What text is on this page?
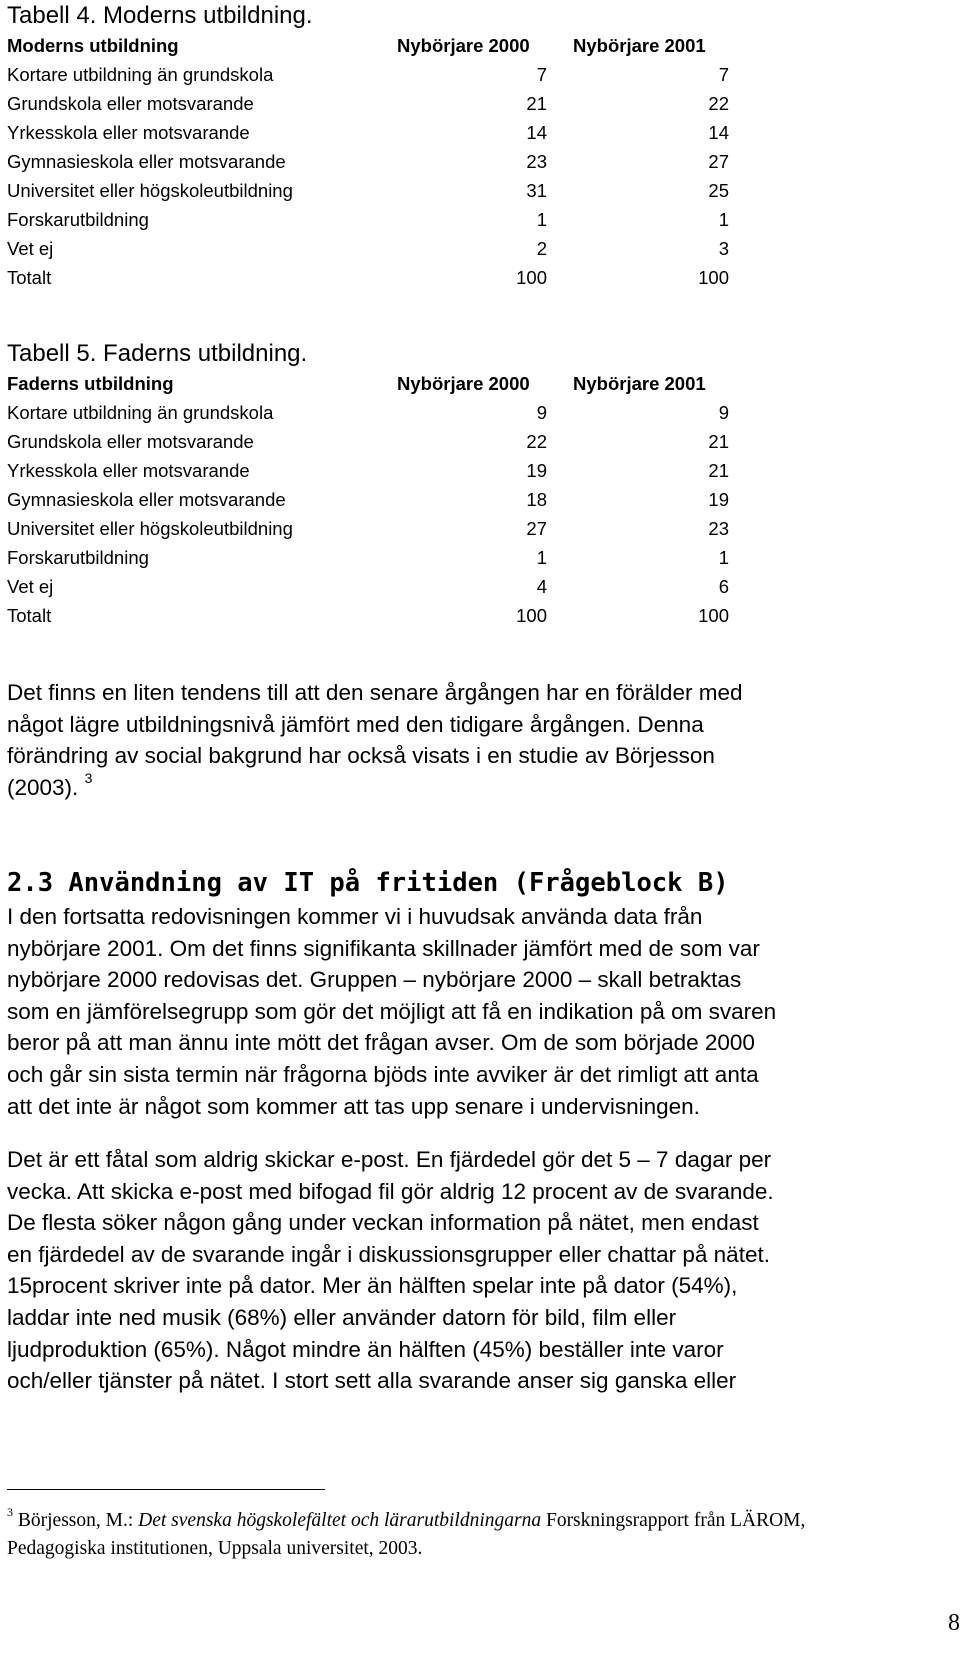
Tabell 4. Moderns utbildning.
Moderns utbildning	Nybörjare 2000 Nybörjare 2001
Kortare utbildning än grundskola	7	7
Grundskola eller motsvarande	21	22
Yrkesskola eller motsvarande	14	14
Gymnasieskola eller motsvarande	23	27
Universitet eller högskoleutbildning	31	25
Forskarutbildning	1	1
Vet ej	2	3
Totalt	100	100
Tabell 5. Faderns utbildning.
Faderns utbildning	Nybörjare 2000 Nybörjare 2001
Kortare utbildning än grundskola	9	9
Grundskola eller motsvarande	22	21
Yrkesskola eller motsvarande	19	21
Gymnasieskola eller motsvarande	18	19
Universitet eller högskoleutbildning	27	23
Forskarutbildning	1	1
Vet ej	4	6
Totalt	100	100
Det finns en liten tendens till att den senare årgången har en förälder med
något lägre utbildningsnivå jämfört med den tidigare årgången. Denna
förändring av social bakgrund har också visats i en studie av Börjesson
(2003). $^3$
2.3 Användning av IT på fritiden (Frågeblock B)
I den fortsatta redovisningen kommer vi i huvudsak använda data från
nybörjare 2001. Om det finns signifikanta skillnader jämfört med de som var
nybörjare 2000 redovisas det. Gruppen – nybörjare 2000 – skall betraktas
som en jämförelsegrupp som gör det möjligt att få en indikation på om svaren
beror på att man ännu inte mött det frågan avser. Om de som började 2000
och går sin sista termin när frågorna bjöds inte avviker är det rimligt att anta
att det inte är något som kommer att tas upp senare i undervisningen.
Det är ett fåtal som aldrig skickar e-post. En fjärdedel gör det 5 – 7 dagar per
vecka. Att skicka e-post med bifogad fil gör aldrig 12 procent av de svarande.
De flesta söker någon gång under veckan information på nätet, men endast
en fjärdedel av de svarande ingår i diskussionsgrupper eller chattar på nätet.
15procent skriver inte på dator. Mer än hälften spelar inte på dator (54%),
laddar inte ned musik (68%) eller använder datorn för bild, film eller
ljudproduktion (65%). Något mindre än hälften (45%) beställer inte varor
och/eller tjänster på nätet. I stort sett alla svarande anser sig ganska eller
$^3$ Börjesson, M.: Det svenska högskolefältet och lärarutbildningarna Forskningsrapport från LÄROM,
Pedagogiska institutionen, Uppsala universitet, 2003.
8
